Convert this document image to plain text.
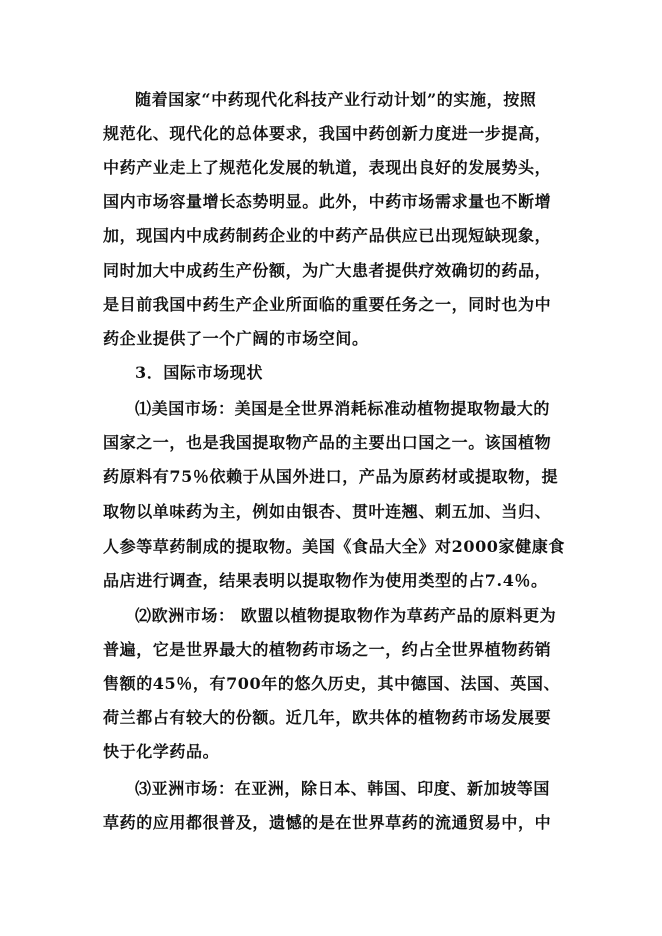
随着国家“中药现代化科技产业行动计划”的实施，按照
规范化、现代化的总体要求，我国中药创新力度进一步提高，
中药产业走上了规范化发展的轨道，表现出良好的发展势头，
国内市场容量增长态势明显。此外，中药市场需求量也不断增
加，现国内中成药制药企业的中药产品供应已出现短缺现象，
同时加大中成药生产份额，为广大患者提供疗效确切的药品，
是目前我国中药生产企业所面临的重要任务之一，同时也为中
药企业提供了一个广阔的市场空间。
3．国际市场现状
⑴美国市场：美国是全世界消耗标准动植物提取物最大的
国家之一，也是我国提取物产品的主要出口国之一。该国植物
药原料有75％依赖于从国外进口，产品为原药材或提取物，提
取物以单味药为主，例如由银杏、贯叶连翘、刺五加、当归、
人参等草药制成的提取物。美国《食品大全》对2000家健康食
品店进行调查，结果表明以提取物作为使用类型的占7.4％。
⑵欧洲市场： 欧盟以植物提取物作为草药产品的原料更为
普遍，它是世界最大的植物药市场之一，约占全世界植物药销
售额的45％，有700年的悠久历史，其中德国、法国、英国、
荷兰都占有较大的份额。近几年，欧共体的植物药市场发展要
快于化学药品。
⑶亚洲市场：在亚洲，除日本、韩国、印度、新加坡等国
草药的应用都很普及，遗憾的是在世界草药的流通贸易中，中
